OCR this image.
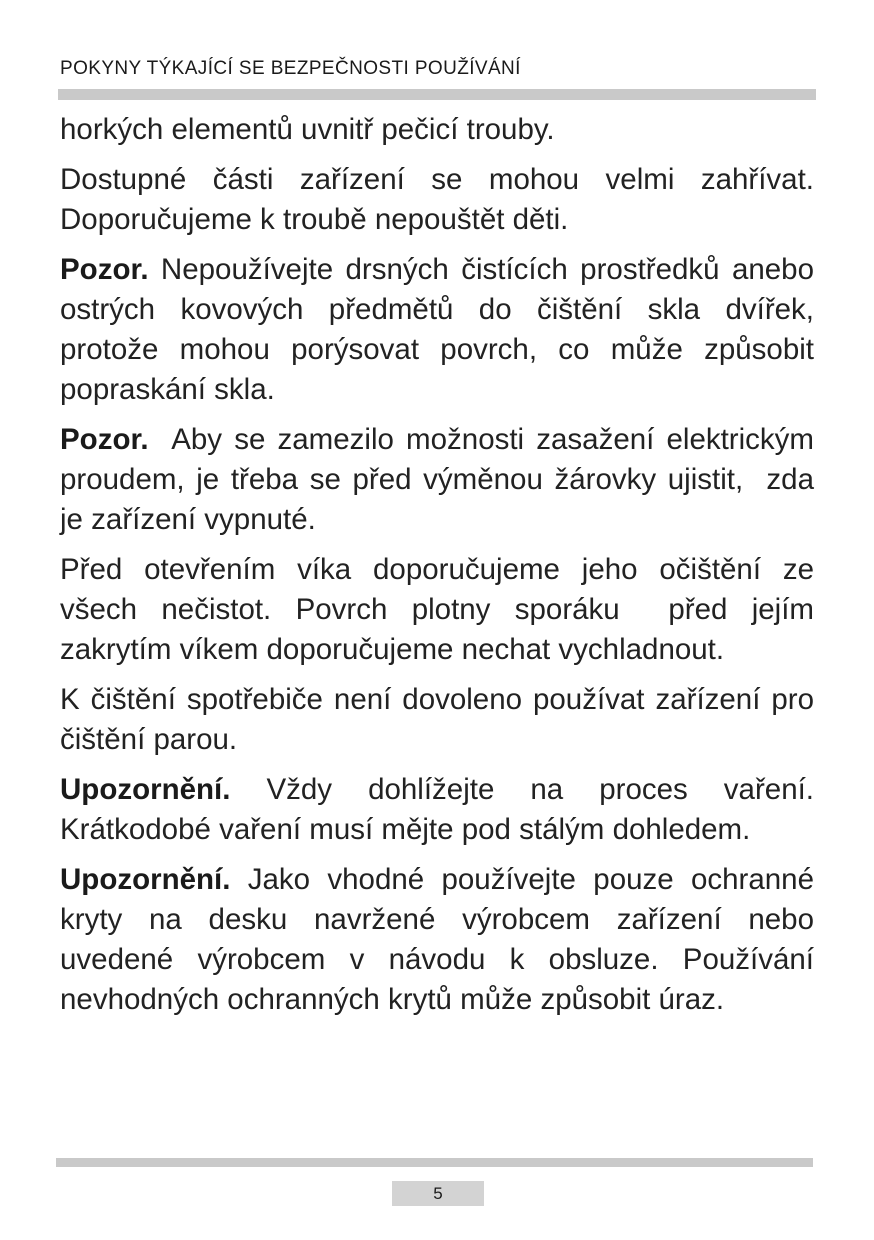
POKYNY TÝKAJÍCÍ SE BEZPEČNOSTI POUŽÍVÁNÍ

horkých elementů uvnitř pečicí trouby.

Dostupné části zařízení se mohou velmi zahřívat. Doporučujeme k troubě nepouštět děti.

Pozor. Nepoužívejte drsných čistících prostředků anebo ostrých kovových předmětů do čištění skla dvířek, protože mohou porýsovat povrch, co může způsobit popraskání skla.

Pozor.  Aby se zamezilo možnosti zasažení elektrickým proudem, je třeba se před výměnou žárovky ujistit,  zda je zařízení vypnuté.

Před otevřením víka doporučujeme jeho očištění ze všech nečistot. Povrch plotny sporáku  před jejím zakrytím víkem doporučujeme nechat vychladnout.

K čištění spotřebiče není dovoleno používat zařízení pro čištění parou.

Upozornění. Vždy dohlížejte na proces vaření. Krátkodobé vaření musí mějte pod stálým dohledem.

Upozornění. Jako vhodné používejte pouze ochranné kryty na desku navržené výrobcem zařízení nebo uvedené výrobcem v návodu k obsluze. Používání nevhodných ochranných krytů může způsobit úraz.

5
